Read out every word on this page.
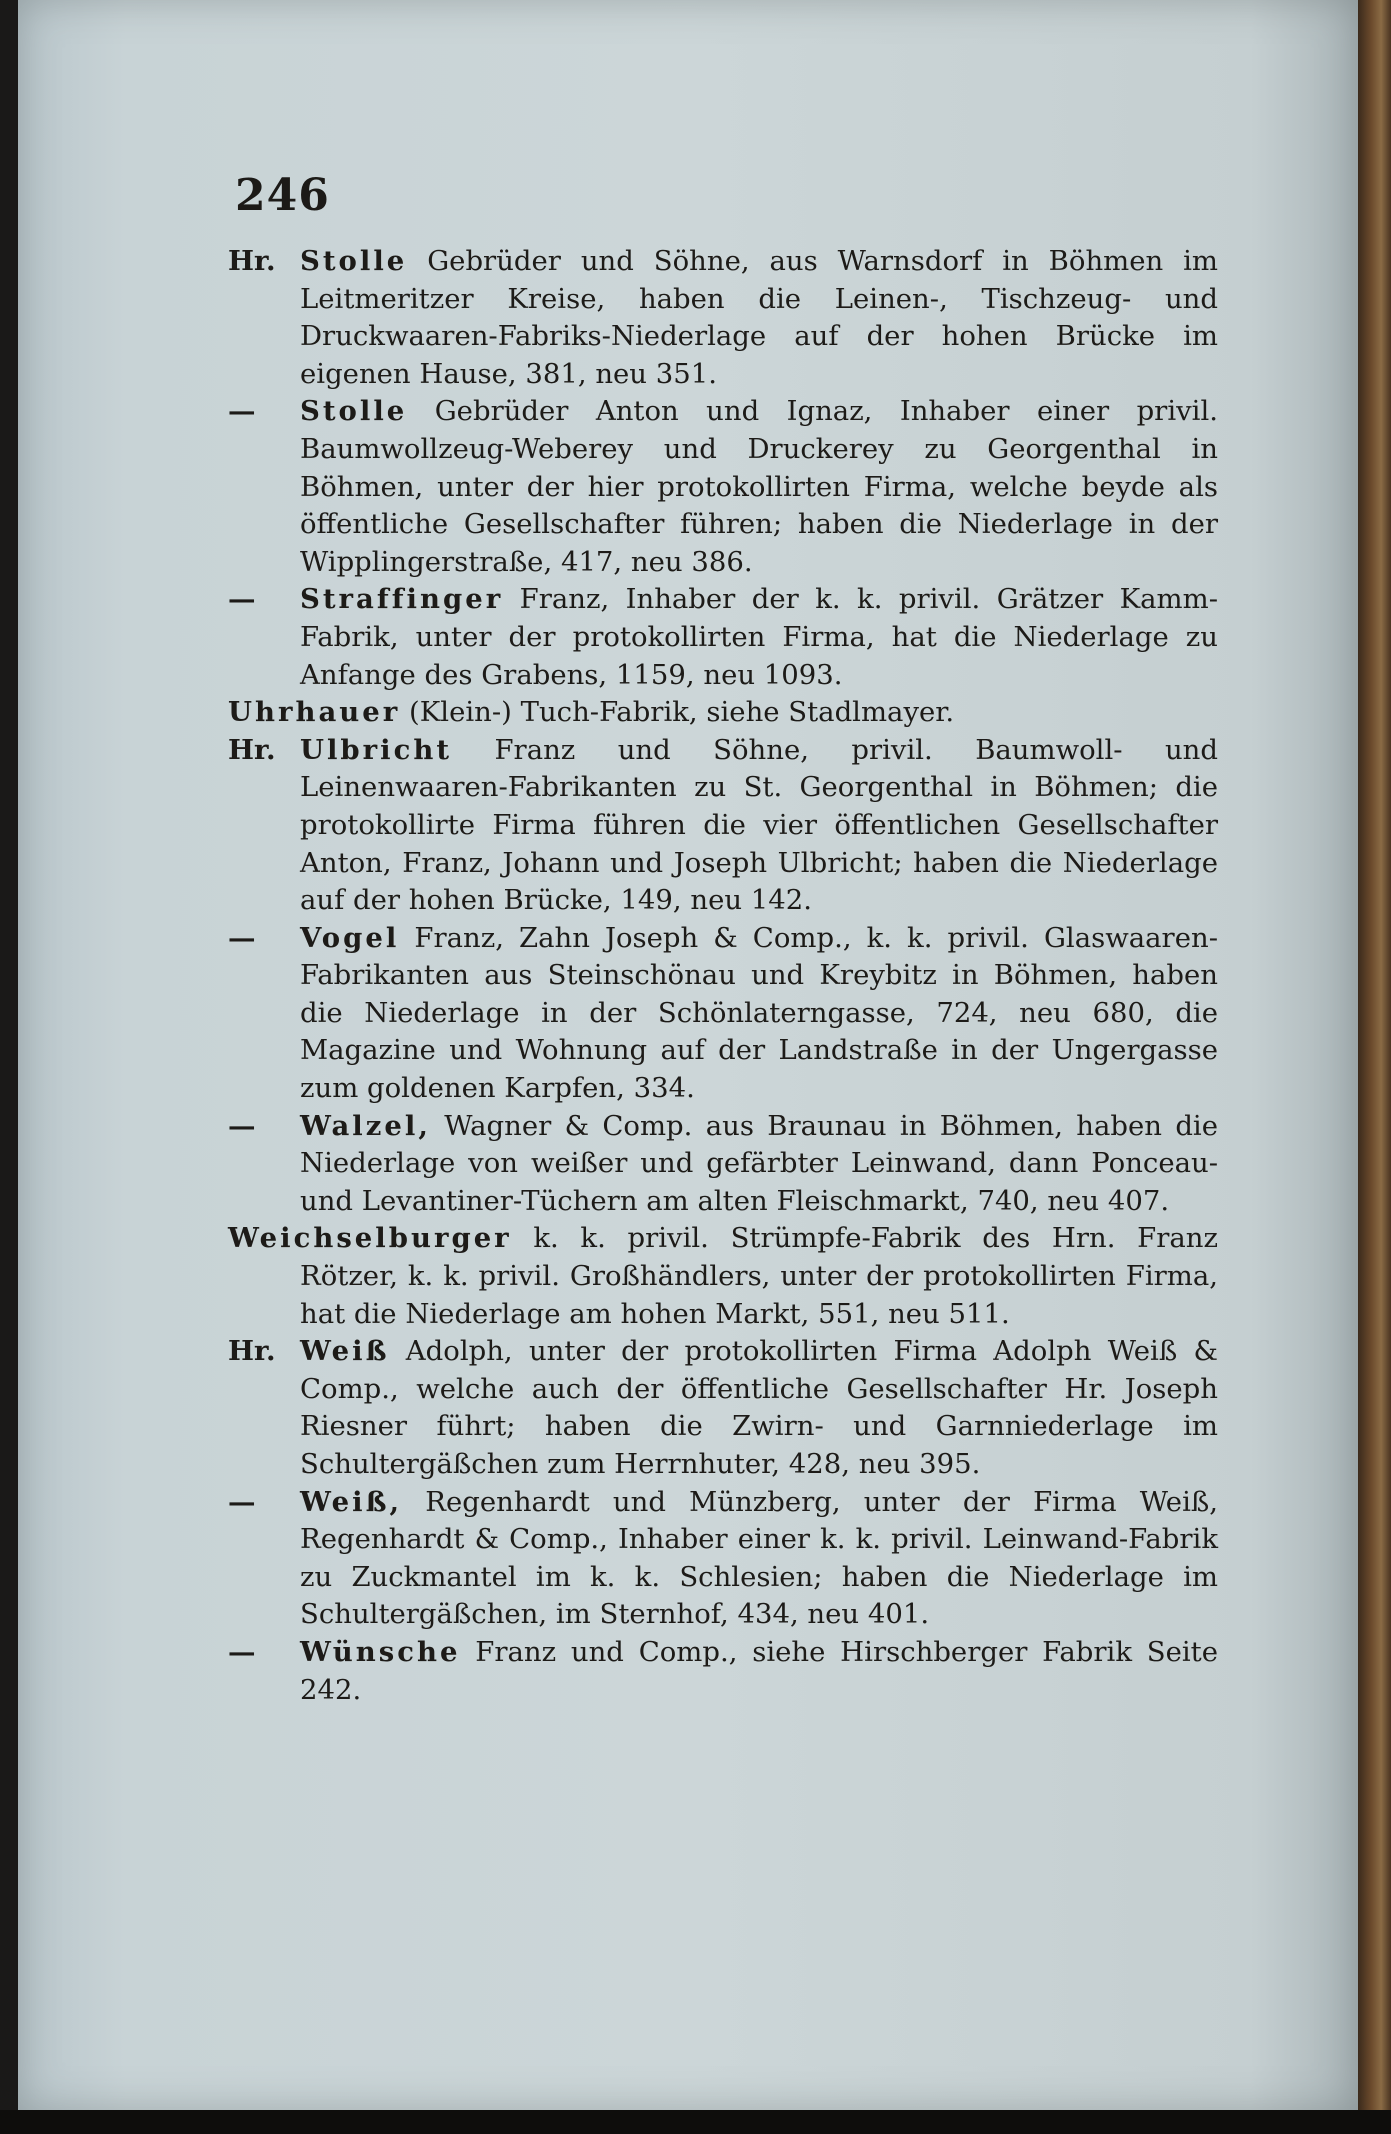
246

Hr. Stolle Gebrüder und Söhne, aus Warnsdorf in Böhmen im Leitmeritzer Kreise, haben die Leinen-, Tischzeug- und Druckwaaren-Fabriks-Niederlage auf der hohen Brücke im eigenen Hause, 381, neu 351.

— Stolle Gebrüder Anton und Ignaz, Inhaber einer privil. Baumwollzeug-Weberey und Druckerey zu Georgenthal in Böhmen, unter der hier protokollirten Firma, welche beyde als öffentliche Gesellschafter führen; haben die Niederlage in der Wipplingerstraße, 417, neu 386.

— Straffinger Franz, Inhaber der k. k. privil. Grätzer Kamm-Fabrik, unter der protokollirten Firma, hat die Niederlage zu Anfange des Grabens, 1159, neu 1093.

Uhrhauer (Klein-) Tuch-Fabrik, siehe Stadlmayer.

Hr. Ulbricht Franz und Söhne, privil. Baumwoll- und Leinenwaaren-Fabrikanten zu St. Georgenthal in Böhmen; die protokollirte Firma führen die vier öffentlichen Gesellschafter Anton, Franz, Johann und Joseph Ulbricht; haben die Niederlage auf der hohen Brücke, 149, neu 142.

— Vogel Franz, Zahn Joseph & Comp., k. k. privil. Glaswaaren-Fabrikanten aus Steinschönau und Kreybitz in Böhmen, haben die Niederlage in der Schönlaterngasse, 724, neu 680, die Magazine und Wohnung auf der Landstraße in der Ungergasse zum goldenen Karpfen, 334.

— Walzel, Wagner & Comp. aus Braunau in Böhmen, haben die Niederlage von weißer und gefärbter Leinwand, dann Ponceau- und Levantiner-Tüchern am alten Fleischmarkt, 740, neu 407.

Weichselburger k. k. privil. Strümpfe-Fabrik des Hrn. Franz Rötzer, k. k. privil. Großhändlers, unter der protokollirten Firma, hat die Niederlage am hohen Markt, 551, neu 511.

Hr. Weiß Adolph, unter der protokollirten Firma Adolph Weiß & Comp., welche auch der öffentliche Gesellschafter Hr. Joseph Riesner führt; haben die Zwirn- und Garnniederlage im Schultergäßchen zum Herrnhuter, 428, neu 395.

— Weiß, Regenhardt und Münzberg, unter der Firma Weiß, Regenhardt & Comp., Inhaber einer k. k. privil. Leinwand-Fabrik zu Zuckmantel im k. k. Schlesien; haben die Niederlage im Schultergäßchen, im Sternhof, 434, neu 401.

— Wünsche Franz und Comp., siehe Hirschberger Fabrik Seite 242.
